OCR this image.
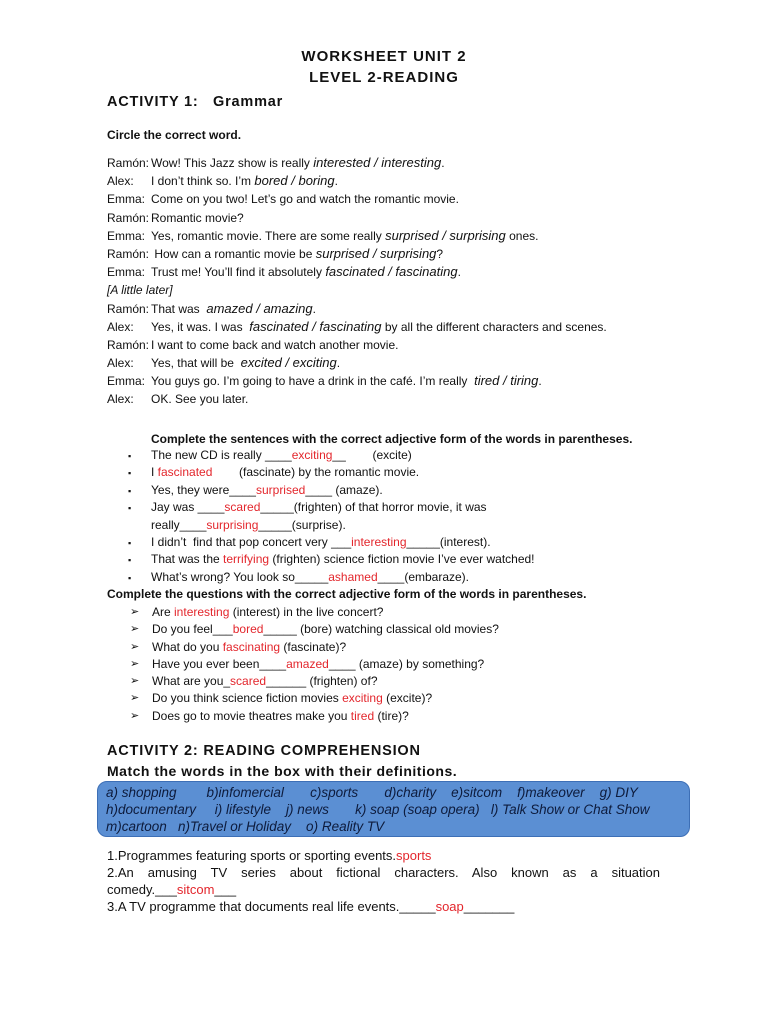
WORKSHEET UNIT 2
LEVEL 2-READING
ACTIVITY 1:   Grammar
Circle the correct word.
Ramón: Wow! This Jazz show is really interested / interesting.
Alex:	I don’t think so. I’m bored / boring.
Emma: Come on you two! Let’s go and watch the romantic movie.
Ramón: Romantic movie?
Emma: Yes, romantic movie. There are some really surprised / surprising ones.
Ramón: How can a romantic movie be surprised / surprising?
Emma: Trust me! You’ll find it absolutely fascinated / fascinating.
[A little later]
Ramón: That was  amazed / amazing.
Alex:	Yes, it was. I was  fascinated / fascinating by all the different characters and scenes.
Ramón: I want to come back and watch another movie.
Alex:	Yes, that will be  excited / exciting.
Emma: You guys go. I’m going to have a drink in the café. I’m really  tired / tiring.
Alex:	OK. See you later.
Complete the sentences with the correct adjective form of the words in parentheses.
▪	The new CD is really ____exciting__        (excite)
▪	I fascinated        (fascinate) by the romantic movie.
▪	Yes, they were____surprised____ (amaze).
▪	Jay was ____scared_____(frighten) of that horror movie, it was
really____surprising_____(surprise).
▪	I didn’t  find that pop concert very ___interesting_____(interest).
▪	That was the terrifying (frighten) science fiction movie I’ve ever watched!
▪	What’s wrong? You look so_____ashamed____(embaraze).
Complete the questions with the correct adjective form of the words in parentheses.
➢	Are interesting (interest) in the live concert?
➢	Do you feel___bored_____ (bore) watching classical old movies?
➢	What do you fascinating (fascinate)?
➢	Have you ever been____amazed____ (amaze) by something?
➢	What are you_scared______ (frighten) of?
➢	Do you think science fiction movies exciting (excite)?
➢	Does go to movie theatres make you tired (tire)?
ACTIVITY 2: READING COMPREHENSION
Match the words in the box with their definitions.
a) shopping        b)infomercial       c)sports       d)charity    e)sitcom    f)makeover    g) DIY
h)documentary     i) lifestyle    j) news       k) soap (soap opera)   l) Talk Show or Chat Show
m)cartoon   n)Travel or Holiday    o) Reality TV
1.Programmes featuring sports or sporting events.sports
2.An amusing TV series about fictional characters. Also known as a situation
comedy.___sitcom___
3.A TV programme that documents real life events._____soap_______
